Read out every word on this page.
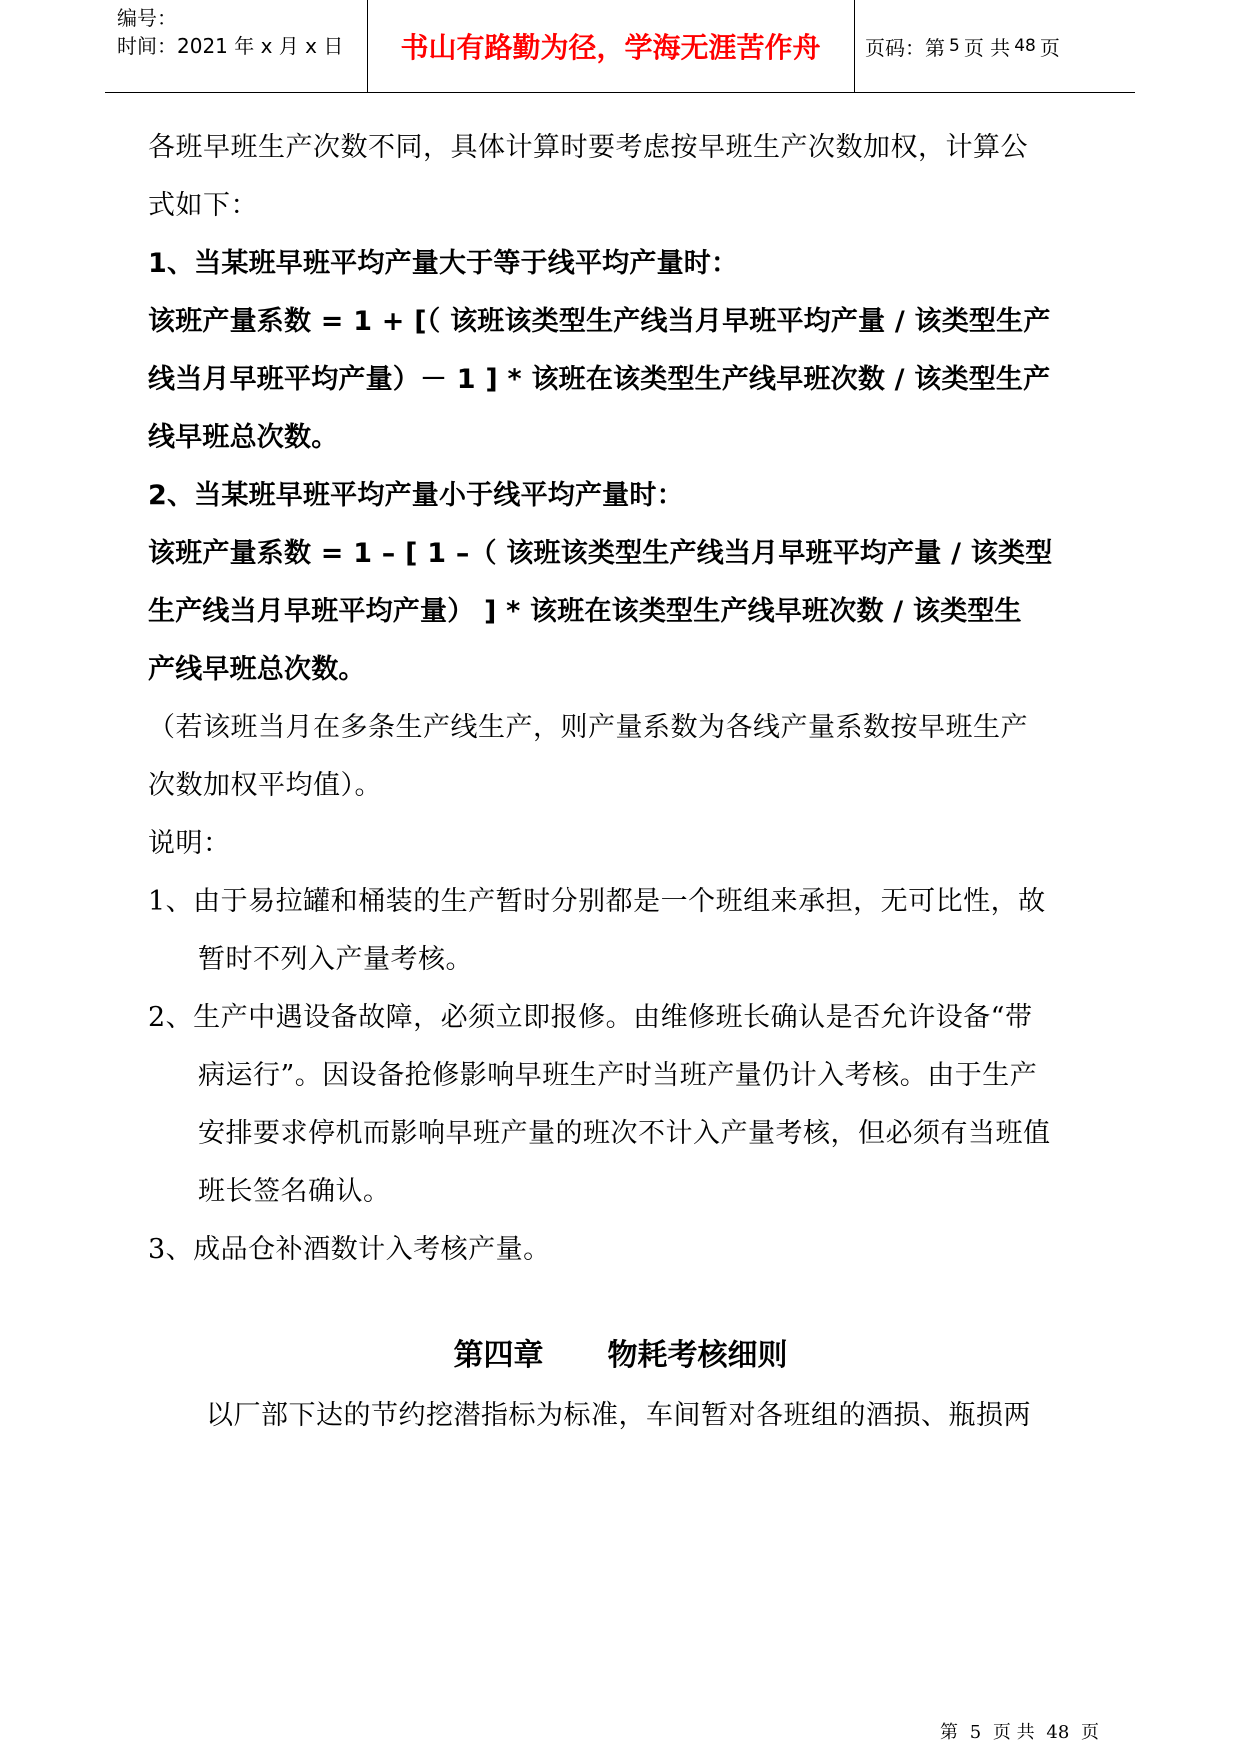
编号：
时间：2021 年 x 月 x 日	书山有路勤为径，学海无涯苦作舟	页码：第 5 页 共 48 页
各班早班生产次数不同，具体计算时要考虑按早班生产次数加权，计算公
式如下：
1、当某班早班平均产量大于等于线平均产量时：
该班产量系数 = 1 + [（ 该班该类型生产线当月早班平均产量 / 该类型生产
线当月早班平均产量）－ 1 ] * 该班在该类型生产线早班次数 / 该类型生产
线早班总次数。
2、当某班早班平均产量小于线平均产量时：
该班产量系数 = 1 – [ 1 –（ 该班该类型生产线当月早班平均产量 / 该类型
生产线当月早班平均产量） ] * 该班在该类型生产线早班次数 / 该类型生
产线早班总次数。
（若该班当月在多条生产线生产，则产量系数为各线产量系数按早班生产
次数加权平均值）。
说明：
1、由于易拉罐和桶装的生产暂时分别都是一个班组来承担，无可比性，故
暂时不列入产量考核。
2、生产中遇设备故障，必须立即报修。由维修班长确认是否允许设备“带
病运行”。因设备抢修影响早班生产时当班产量仍计入考核。由于生产
安排要求停机而影响早班产量的班次不计入产量考核，但必须有当班值
班长签名确认。
3、成品仓补酒数计入考核产量。
第四章 物耗考核细则
以厂部下达的节约挖潜指标为标准，车间暂对各班组的酒损、瓶损两
第 5 页 共 48 页
